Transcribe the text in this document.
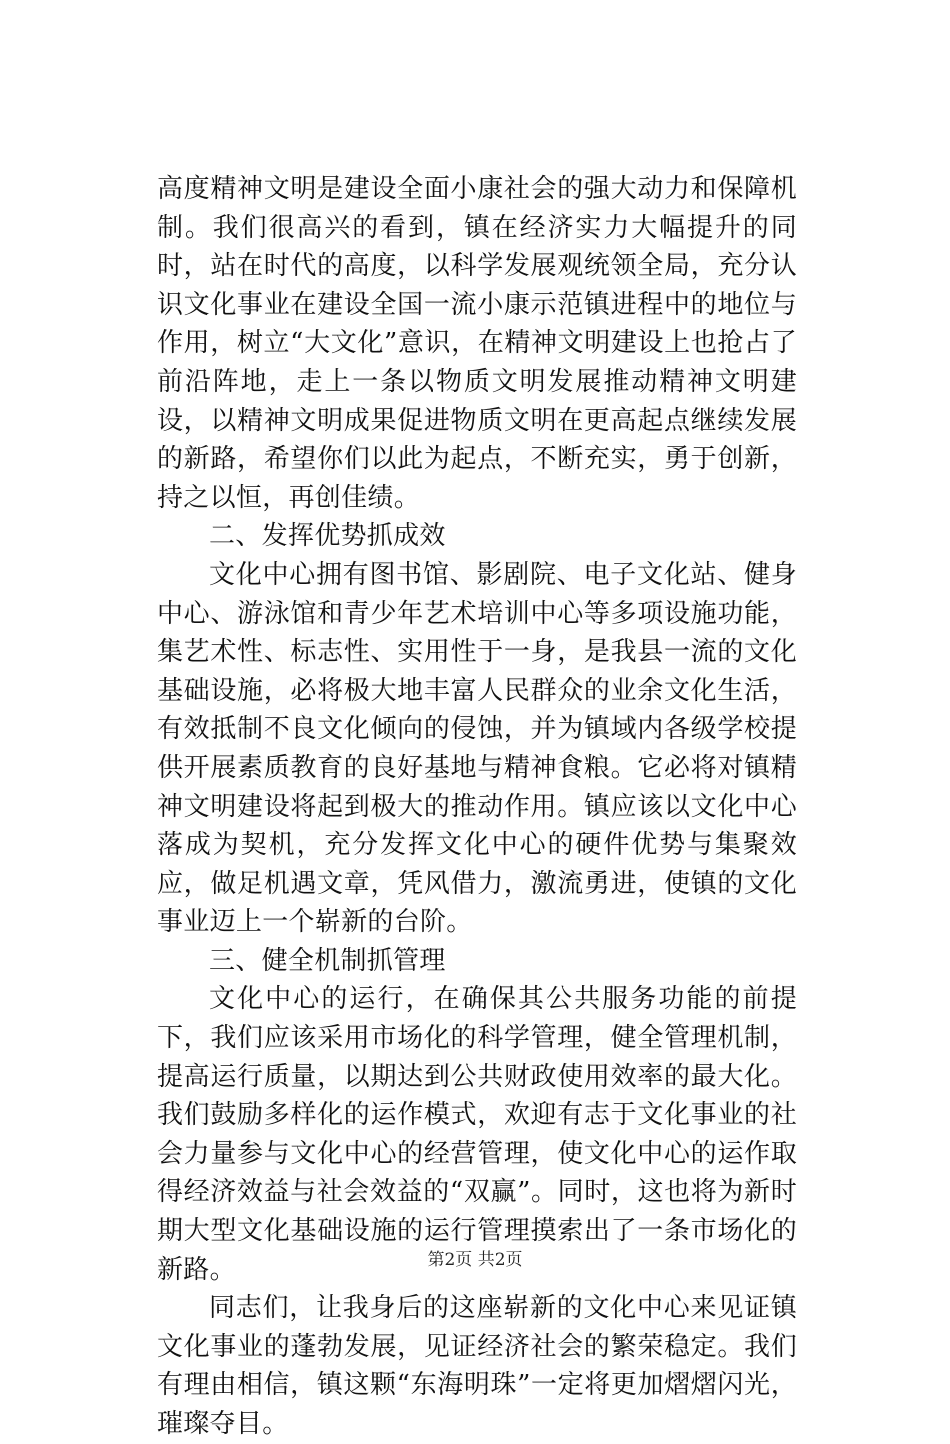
高度精神文明是建设全面小康社会的强大动力和保障机制。我们很高兴的看到，镇在经济实力大幅提升的同时，站在时代的高度，以科学发展观统领全局，充分认识文化事业在建设全国一流小康示范镇进程中的地位与作用，树立“大文化”意识，在精神文明建设上也抢占了前沿阵地，走上一条以物质文明发展推动精神文明建设，以精神文明成果促进物质文明在更高起点继续发展的新路，希望你们以此为起点，不断充实，勇于创新，持之以恒，再创佳绩。

二、发挥优势抓成效

文化中心拥有图书馆、影剧院、电子文化站、健身中心、游泳馆和青少年艺术培训中心等多项设施功能，集艺术性、标志性、实用性于一身，是我县一流的文化基础设施，必将极大地丰富人民群众的业余文化生活，有效抵制不良文化倾向的侵蚀，并为镇域内各级学校提供开展素质教育的良好基地与精神食粮。它必将对镇精神文明建设将起到极大的推动作用。镇应该以文化中心落成为契机，充分发挥文化中心的硬件优势与集聚效应，做足机遇文章，凭风借力，激流勇进，使镇的文化事业迈上一个崭新的台阶。

三、健全机制抓管理

文化中心的运行，在确保其公共服务功能的前提下，我们应该采用市场化的科学管理，健全管理机制，提高运行质量，以期达到公共财政使用效率的最大化。我们鼓励多样化的运作模式，欢迎有志于文化事业的社会力量参与文化中心的经营管理，使文化中心的运作取得经济效益与社会效益的“双赢”。同时，这也将为新时期大型文化基础设施的运行管理摸索出了一条市场化的新路。

同志们，让我身后的这座崭新的文化中心来见证镇文化事业的蓬勃发展，见证经济社会的繁荣稳定。我们有理由相信，镇这颗“东海明珠”一定将更加熠熠闪光，璀璨夺目。

第2页 共2页
